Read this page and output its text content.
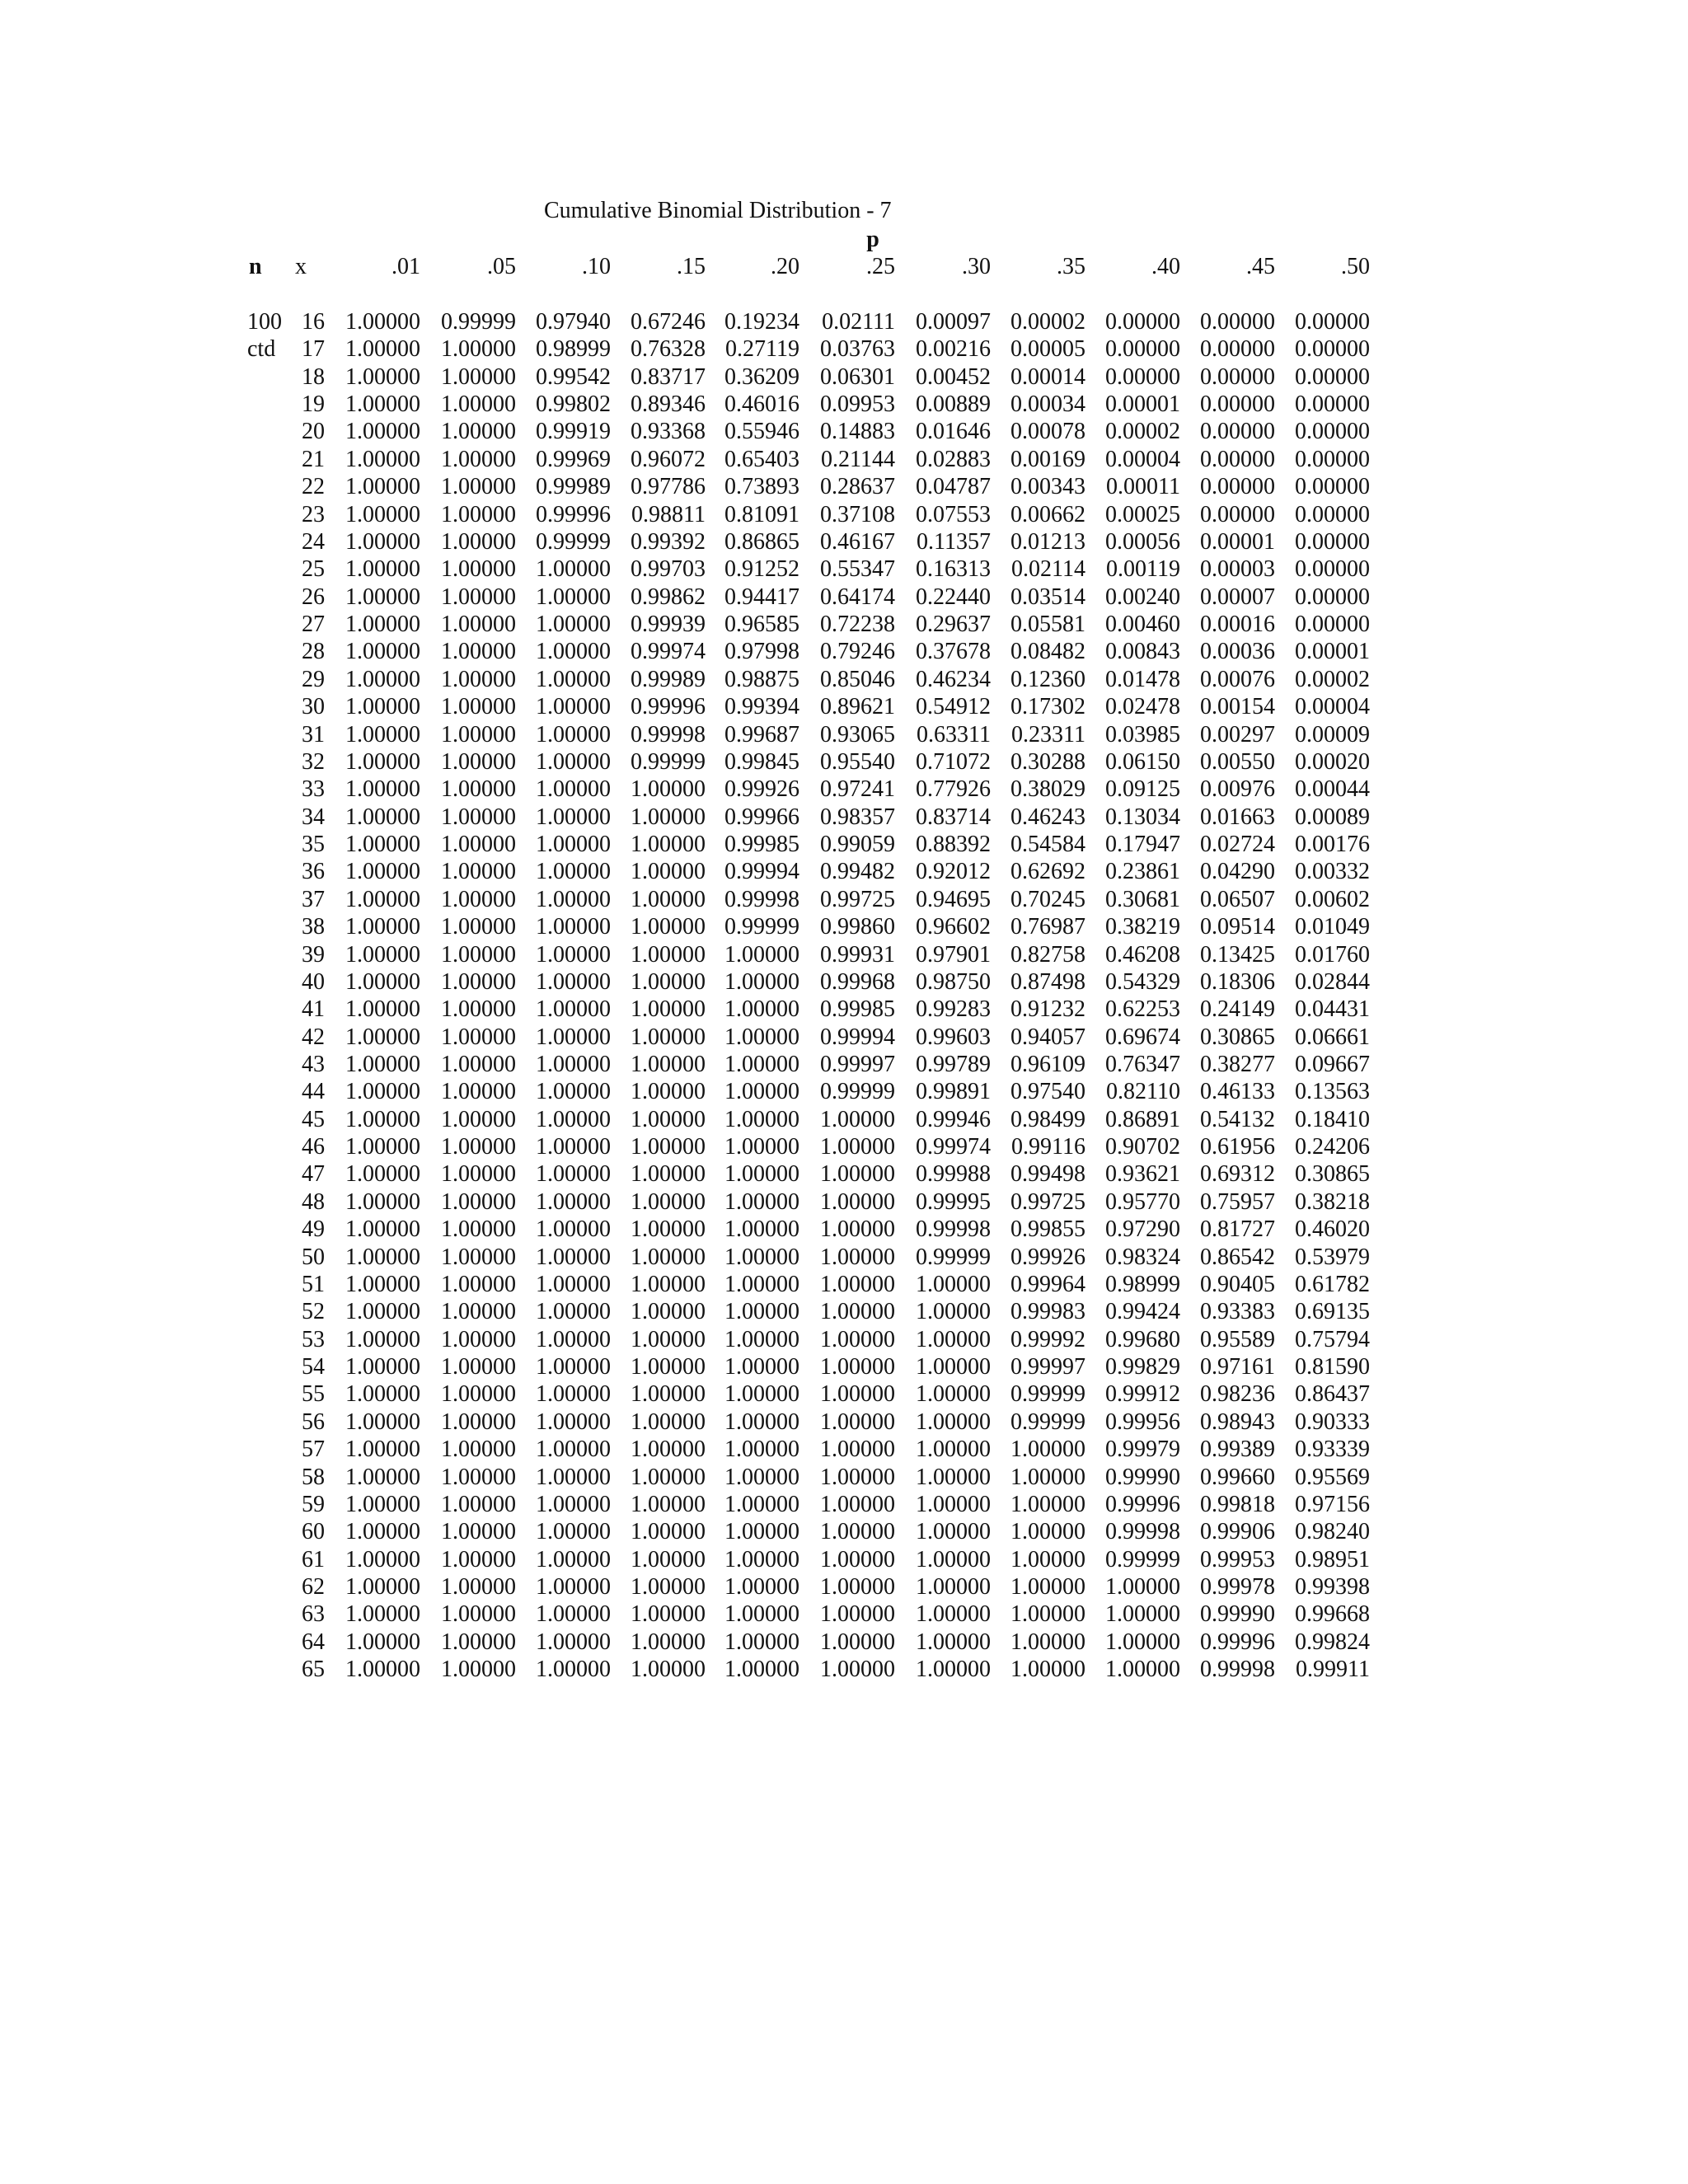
Cumulative Binomial Distribution - 7
p
n x	.01	.05	.10	.15	.20	.25	.30	.35	.40	.45	.50
100 16 1.00000 0.99999 0.97940 0.67246 0.19234 0.02111 0.00097 0.00002 0.00000 0.00000 0.00000
ctd	17 1.00000 1.00000 0.98999 0.76328 0.27119 0.03763 0.00216 0.00005 0.00000 0.00000 0.00000
18 1.00000 1.00000 0.99542 0.83717 0.36209 0.06301 0.00452 0.00014 0.00000 0.00000 0.00000
19 1.00000 1.00000 0.99802 0.89346 0.46016 0.09953 0.00889 0.00034 0.00001 0.00000 0.00000
20 1.00000 1.00000 0.99919 0.93368 0.55946 0.14883 0.01646 0.00078 0.00002 0.00000 0.00000
21 1.00000 1.00000 0.99969 0.96072 0.65403 0.21144 0.02883 0.00169 0.00004 0.00000 0.00000
22 1.00000 1.00000 0.99989 0.97786 0.73893 0.28637 0.04787 0.00343 0.00011 0.00000 0.00000
23 1.00000 1.00000 0.99996 0.98811 0.81091 0.37108 0.07553 0.00662 0.00025 0.00000 0.00000
24 1.00000 1.00000 0.99999 0.99392 0.86865 0.46167 0.11357 0.01213 0.00056 0.00001 0.00000
25 1.00000 1.00000 1.00000 0.99703 0.91252 0.55347 0.16313 0.02114 0.00119 0.00003 0.00000
26 1.00000 1.00000 1.00000 0.99862 0.94417 0.64174 0.22440 0.03514 0.00240 0.00007 0.00000
27 1.00000 1.00000 1.00000 0.99939 0.96585 0.72238 0.29637 0.05581 0.00460 0.00016 0.00000
28 1.00000 1.00000 1.00000 0.99974 0.97998 0.79246 0.37678 0.08482 0.00843 0.00036 0.00001
29 1.00000 1.00000 1.00000 0.99989 0.98875 0.85046 0.46234 0.12360 0.01478 0.00076 0.00002
30 1.00000 1.00000 1.00000 0.99996 0.99394 0.89621 0.54912 0.17302 0.02478 0.00154 0.00004
31 1.00000 1.00000 1.00000 0.99998 0.99687 0.93065 0.63311 0.23311 0.03985 0.00297 0.00009
32 1.00000 1.00000 1.00000 0.99999 0.99845 0.95540 0.71072 0.30288 0.06150 0.00550 0.00020
33 1.00000 1.00000 1.00000 1.00000 0.99926 0.97241 0.77926 0.38029 0.09125 0.00976 0.00044
34 1.00000 1.00000 1.00000 1.00000 0.99966 0.98357 0.83714 0.46243 0.13034 0.01663 0.00089
35 1.00000 1.00000 1.00000 1.00000 0.99985 0.99059 0.88392 0.54584 0.17947 0.02724 0.00176
36 1.00000 1.00000 1.00000 1.00000 0.99994 0.99482 0.92012 0.62692 0.23861 0.04290 0.00332
37 1.00000 1.00000 1.00000 1.00000 0.99998 0.99725 0.94695 0.70245 0.30681 0.06507 0.00602
38 1.00000 1.00000 1.00000 1.00000 0.99999 0.99860 0.96602 0.76987 0.38219 0.09514 0.01049
39 1.00000 1.00000 1.00000 1.00000 1.00000 0.99931 0.97901 0.82758 0.46208 0.13425 0.01760
40 1.00000 1.00000 1.00000 1.00000 1.00000 0.99968 0.98750 0.87498 0.54329 0.18306 0.02844
41 1.00000 1.00000 1.00000 1.00000 1.00000 0.99985 0.99283 0.91232 0.62253 0.24149 0.04431
42 1.00000 1.00000 1.00000 1.00000 1.00000 0.99994 0.99603 0.94057 0.69674 0.30865 0.06661
43 1.00000 1.00000 1.00000 1.00000 1.00000 0.99997 0.99789 0.96109 0.76347 0.38277 0.09667
44 1.00000 1.00000 1.00000 1.00000 1.00000 0.99999 0.99891 0.97540 0.82110 0.46133 0.13563
45 1.00000 1.00000 1.00000 1.00000 1.00000 1.00000 0.99946 0.98499 0.86891 0.54132 0.18410
46 1.00000 1.00000 1.00000 1.00000 1.00000 1.00000 0.99974 0.99116 0.90702 0.61956 0.24206
47 1.00000 1.00000 1.00000 1.00000 1.00000 1.00000 0.99988 0.99498 0.93621 0.69312 0.30865
48 1.00000 1.00000 1.00000 1.00000 1.00000 1.00000 0.99995 0.99725 0.95770 0.75957 0.38218
49 1.00000 1.00000 1.00000 1.00000 1.00000 1.00000 0.99998 0.99855 0.97290 0.81727 0.46020
50 1.00000 1.00000 1.00000 1.00000 1.00000 1.00000 0.99999 0.99926 0.98324 0.86542 0.53979
51 1.00000 1.00000 1.00000 1.00000 1.00000 1.00000 1.00000 0.99964 0.98999 0.90405 0.61782
52 1.00000 1.00000 1.00000 1.00000 1.00000 1.00000 1.00000 0.99983 0.99424 0.93383 0.69135
53 1.00000 1.00000 1.00000 1.00000 1.00000 1.00000 1.00000 0.99992 0.99680 0.95589 0.75794
54 1.00000 1.00000 1.00000 1.00000 1.00000 1.00000 1.00000 0.99997 0.99829 0.97161 0.81590
55 1.00000 1.00000 1.00000 1.00000 1.00000 1.00000 1.00000 0.99999 0.99912 0.98236 0.86437
56 1.00000 1.00000 1.00000 1.00000 1.00000 1.00000 1.00000 0.99999 0.99956 0.98943 0.90333
57 1.00000 1.00000 1.00000 1.00000 1.00000 1.00000 1.00000 1.00000 0.99979 0.99389 0.93339
58 1.00000 1.00000 1.00000 1.00000 1.00000 1.00000 1.00000 1.00000 0.99990 0.99660 0.95569
59 1.00000 1.00000 1.00000 1.00000 1.00000 1.00000 1.00000 1.00000 0.99996 0.99818 0.97156
60 1.00000 1.00000 1.00000 1.00000 1.00000 1.00000 1.00000 1.00000 0.99998 0.99906 0.98240
61 1.00000 1.00000 1.00000 1.00000 1.00000 1.00000 1.00000 1.00000 0.99999 0.99953 0.98951
62 1.00000 1.00000 1.00000 1.00000 1.00000 1.00000 1.00000 1.00000 1.00000 0.99978 0.99398
63 1.00000 1.00000 1.00000 1.00000 1.00000 1.00000 1.00000 1.00000 1.00000 0.99990 0.99668
64 1.00000 1.00000 1.00000 1.00000 1.00000 1.00000 1.00000 1.00000 1.00000 0.99996 0.99824
65 1.00000 1.00000 1.00000 1.00000 1.00000 1.00000 1.00000 1.00000 1.00000 0.99998 0.99911
